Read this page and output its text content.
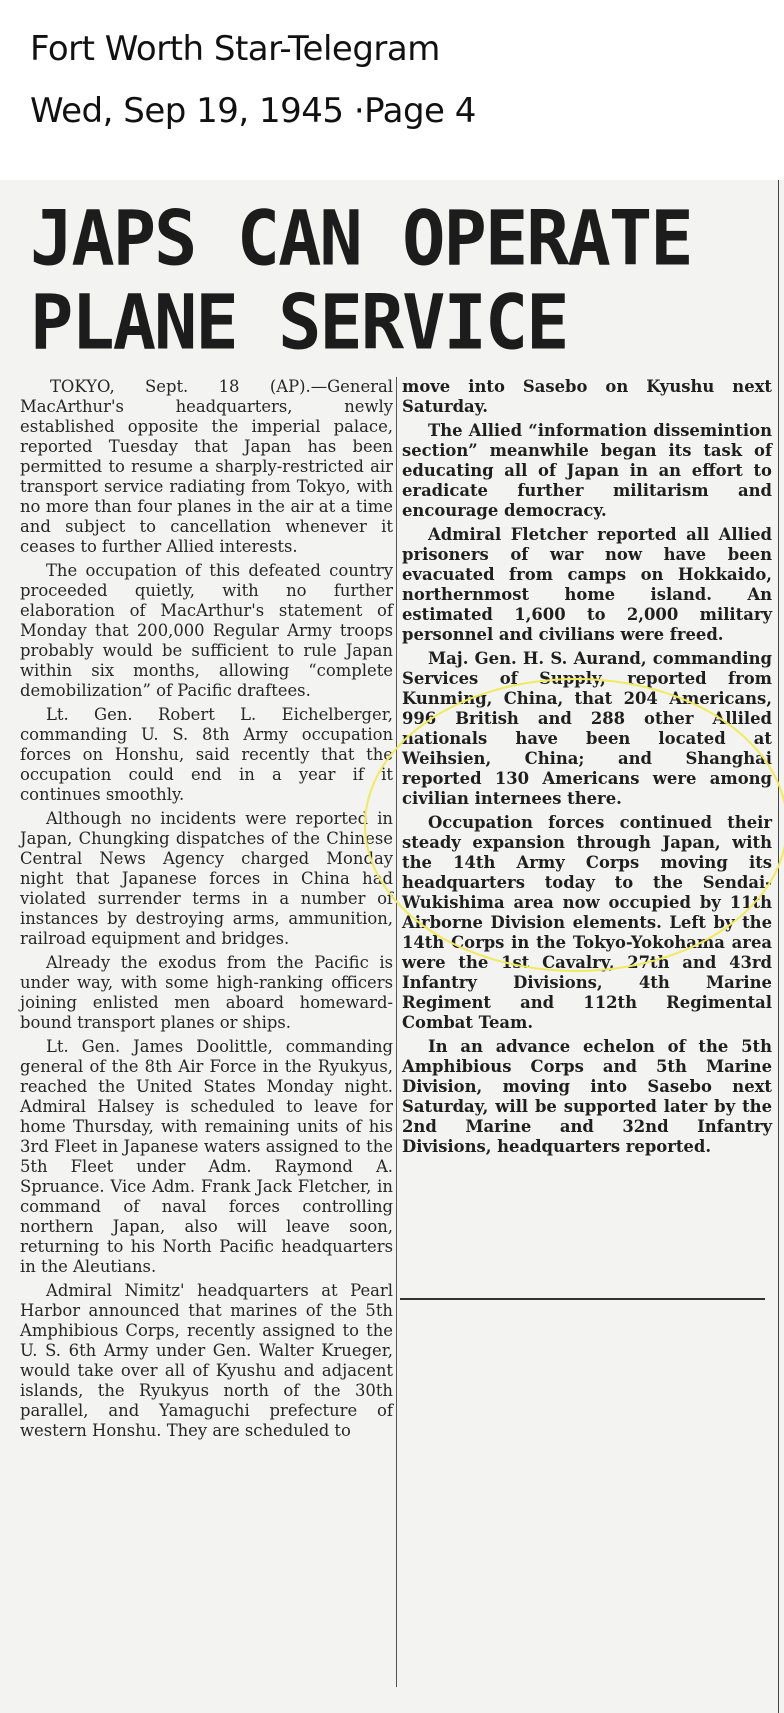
Fort Worth Star-Telegram
Wed, Sep 19, 1945 ·Page 4
JAPS CAN OPERATE
PLANE SERVICE

TOKYO, Sept. 18 (AP).—General MacArthur's headquarters, newly established opposite the imperial palace, reported Tuesday that Japan has been permitted to resume a sharply-restricted air transport service radiating from Tokyo, with no more than four planes in the air at a time and subject to cancellation whenever it ceases to further Allied interests.

The occupation of this defeated country proceeded quietly, with no further elaboration of MacArthur's statement of Monday that 200,000 Regular Army troops probably would be sufficient to rule Japan within six months, allowing “complete demobilization” of Pacific draftees.

Lt. Gen. Robert L. Eichelberger, commanding U. S. 8th Army occupation forces on Honshu, said recently that the occupation could end in a year if it continues smoothly.

Although no incidents were reported in Japan, Chungking dispatches of the Chinese Central News Agency charged Monday night that Japanese forces in China had violated surrender terms in a number of instances by destroying arms, ammunition, railroad equipment and bridges.

Already the exodus from the Pacific is under way, with some high-ranking officers joining enlisted men aboard homeward-bound transport planes or ships.

Lt. Gen. James Doolittle, commanding general of the 8th Air Force in the Ryukyus, reached the United States Monday night. Admiral Halsey is scheduled to leave for home Thursday, with remaining units of his 3rd Fleet in Japanese waters assigned to the 5th Fleet under Adm. Raymond A. Spruance. Vice Adm. Frank Jack Fletcher, in command of naval forces controlling northern Japan, also will leave soon, returning to his North Pacific headquarters in the Aleutians.

Admiral Nimitz' headquarters at Pearl Harbor announced that marines of the 5th Amphibious Corps, recently assigned to the U. S. 6th Army under Gen. Walter Krueger, would take over all of Kyushu and adjacent islands, the Ryukyus north of the 30th parallel, and Yamaguchi prefecture of western Honshu. They are scheduled to

move into Sasebo on Kyushu next Saturday.

The Allied “information dissemintion section” meanwhile began its task of educating all of Japan in an effort to eradicate further militarism and encourage democracy.

Admiral Fletcher reported all Allied prisoners of war now have been evacuated from camps on Hokkaido, northernmost home island. An estimated 1,600 to 2,000 military personnel and civilians were freed.

Maj. Gen. H. S. Aurand, commanding Services of Supply, reported from Kunming, China, that 204 Americans, 996 British and 288 other Alliled nationals have been located at Weihsien, China; and Shanghai reported 130 Americans were among civilian internees there.

Occupation forces continued their steady expansion through Japan, with the 14th Army Corps moving its headquarters today to the Sendai-Wukishima area now occupied by 11th Airborne Division elements. Left by the 14th Corps in the Tokyo-Yokohama area were the 1st Cavalry, 27th and 43rd Infantry Divisions, 4th Marine Regiment and 112th Regimental Combat Team.

In an advance echelon of the 5th Amphibious Corps and 5th Marine Division, moving into Sasebo next Saturday, will be supported later by the 2nd Marine and 32nd Infantry Divisions, headquarters reported.
